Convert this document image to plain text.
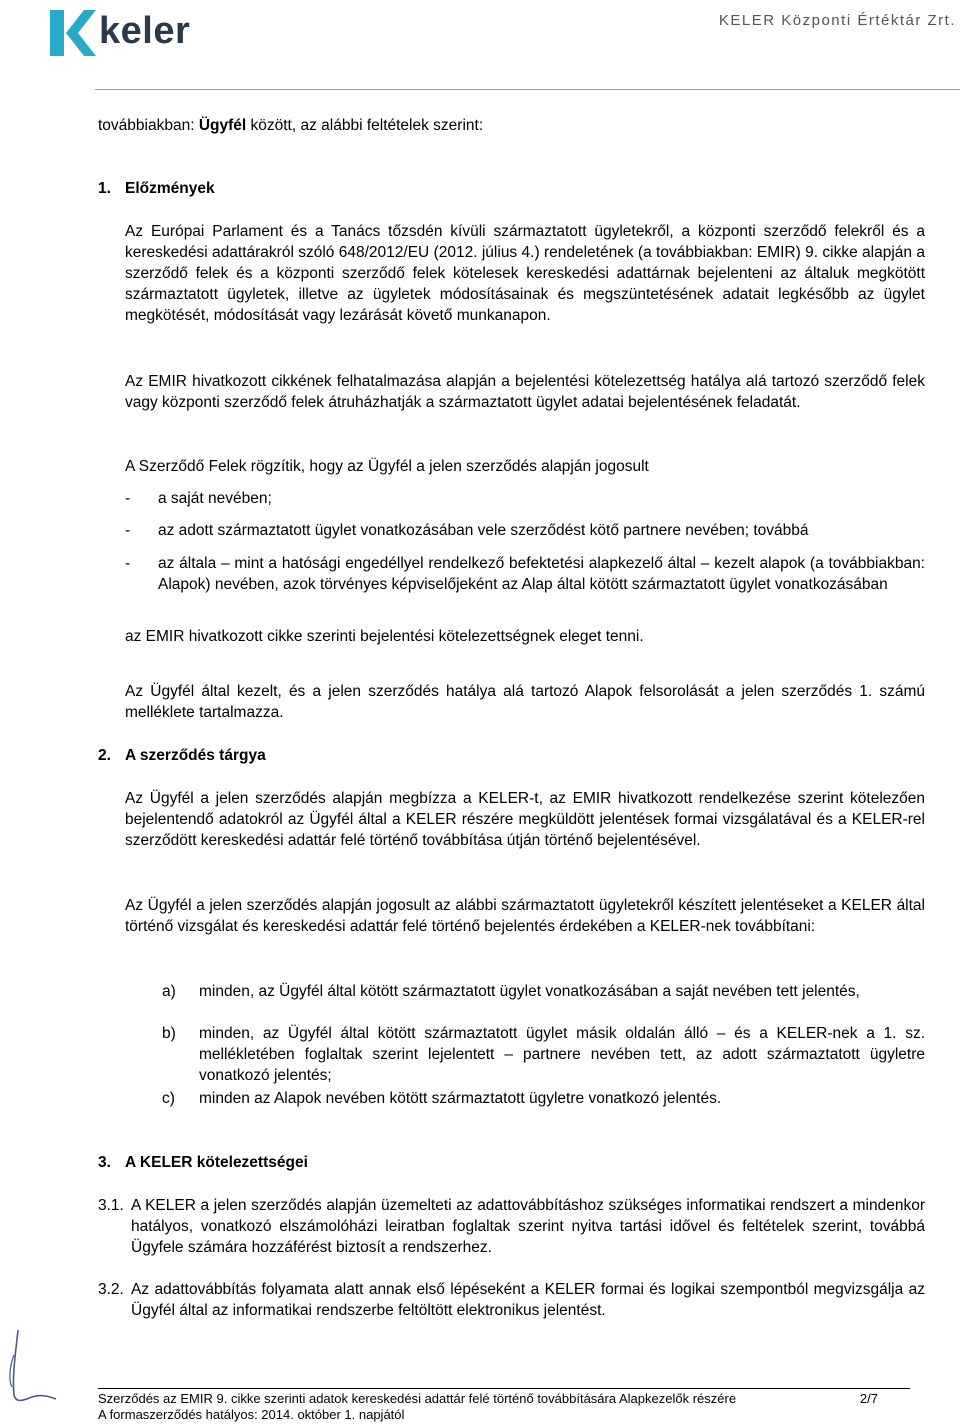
keler	KELER Központi Értéktár Zrt.

továbbiakban: Ügyfél között, az alábbi feltételek szerint:

1. Előzmények

Az Európai Parlament és a Tanács tőzsdén kívüli származtatott ügyletekről, a központi szerződő felekről és a kereskedési adattárakról szóló 648/2012/EU (2012. július 4.) rendeletének (a továbbiakban: EMIR) 9. cikke alapján a szerződő felek és a központi szerződő felek kötelesek kereskedési adattárnak bejelenteni az általuk megkötött származtatott ügyletek, illetve az ügyletek módosításainak és megszüntetésének adatait legkésőbb az ügylet megkötését, módosítását vagy lezárását követő munkanapon.

Az EMIR hivatkozott cikkének felhatalmazása alapján a bejelentési kötelezettség hatálya alá tartozó szerződő felek vagy központi szerződő felek átruházhatják a származtatott ügylet adatai bejelentésének feladatát.

A Szerződő Felek rögzítik, hogy az Ügyfél a jelen szerződés alapján jogosult

- a saját nevében;

- az adott származtatott ügylet vonatkozásában vele szerződést kötő partnere nevében; továbbá

- az általa – mint a hatósági engedéllyel rendelkező befektetési alapkezelő által – kezelt alapok (a továbbiakban: Alapok) nevében, azok törvényes képviselőjeként az Alap által kötött származtatott ügylet vonatkozásában

az EMIR hivatkozott cikke szerinti bejelentési kötelezettségnek eleget tenni.

Az Ügyfél által kezelt, és a jelen szerződés hatálya alá tartozó Alapok felsorolását a jelen szerződés 1. számú melléklete tartalmazza.

2. A szerződés tárgya

Az Ügyfél a jelen szerződés alapján megbízza a KELER-t, az EMIR hivatkozott rendelkezése szerint kötelezően bejelentendő adatokról az Ügyfél által a KELER részére megküldött jelentések formai vizsgálatával és a KELER-rel szerződött kereskedési adattár felé történő továbbítása útján történő bejelentésével.

Az Ügyfél a jelen szerződés alapján jogosult az alábbi származtatott ügyletekről készített jelentéseket a KELER által történő vizsgálat és kereskedési adattár felé történő bejelentés érdekében a KELER-nek továbbítani:

a) minden, az Ügyfél által kötött származtatott ügylet vonatkozásában a saját nevében tett jelentés,

b) minden, az Ügyfél által kötött származtatott ügylet másik oldalán álló – és a KELER-nek a 1. sz. mellékletében foglaltak szerint lejelentett – partnere nevében tett, az adott származtatott ügyletre vonatkozó jelentés;

c) minden az Alapok nevében kötött származtatott ügyletre vonatkozó jelentés.

3. A KELER kötelezettségei
3.1. A KELER a jelen szerződés alapján üzemelteti az adattovábbításhoz szükséges informatikai rendszert a mindenkor hatályos, vonatkozó elszámolóházi leiratban foglaltak szerint nyitva tartási idővel és feltételek szerint, továbbá Ügyfele számára hozzáférést biztosít a rendszerhez.

3.2. Az adattovábbítás folyamata alatt annak első lépéseként a KELER formai és logikai szempontból megvizsgálja az Ügyfél által az informatikai rendszerbe feltöltött elektronikus jelentést.

Szerződés az EMIR 9. cikke szerinti adatok kereskedési adattár felé történő továbbítására Alapkezelők részére	2/7
A formaszerződés hatályos: 2014. október 1. napjától
